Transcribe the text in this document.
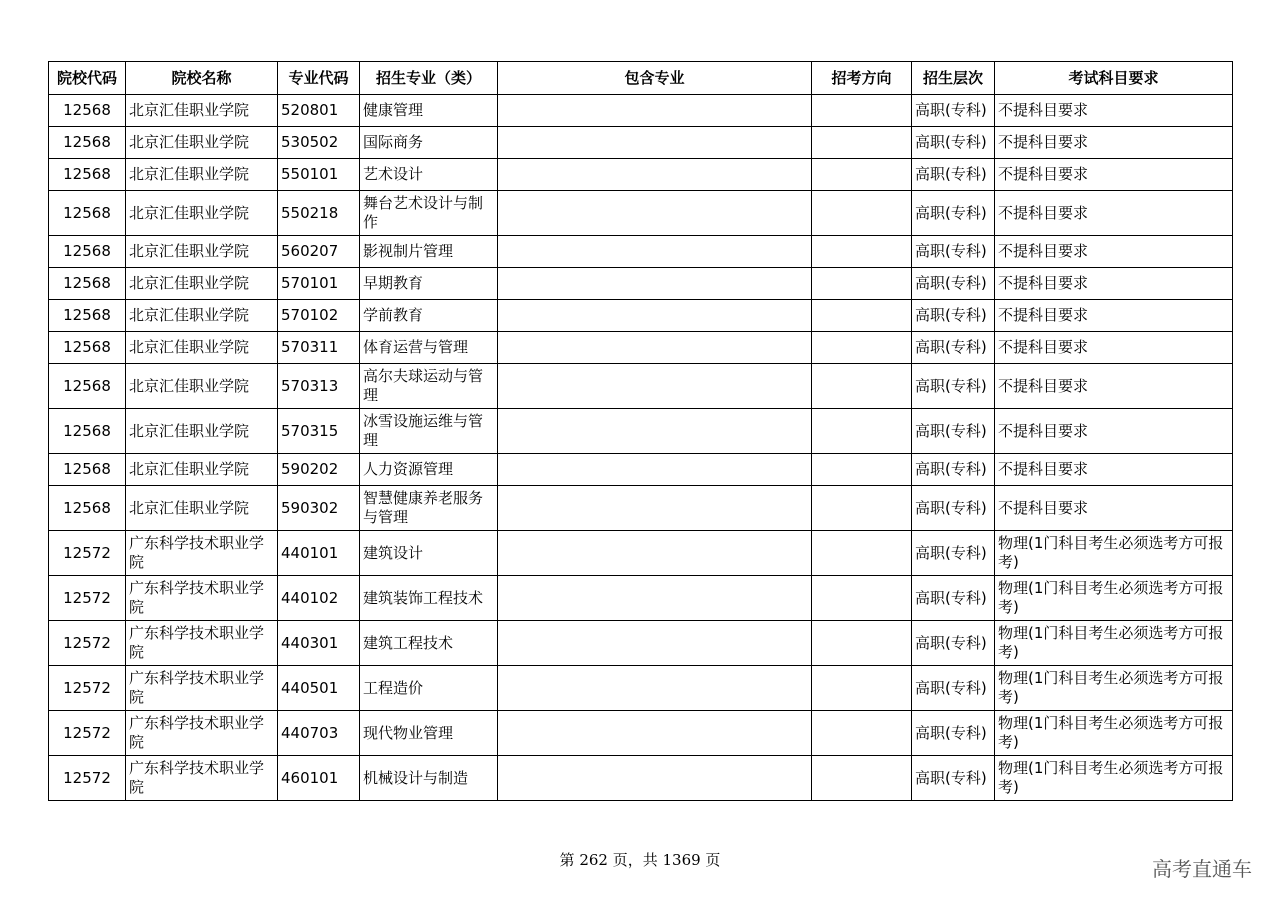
院校代码	院校名称	专业代码	招生专业（类）	包含专业	招考方向	招生层次	考试科目要求
12568	北京汇佳职业学院	520801	健康管理			高职(专科)	不提科目要求
12568	北京汇佳职业学院	530502	国际商务			高职(专科)	不提科目要求
12568	北京汇佳职业学院	550101	艺术设计			高职(专科)	不提科目要求
12568	北京汇佳职业学院	550218	舞台艺术设计与制作			高职(专科)	不提科目要求
12568	北京汇佳职业学院	560207	影视制片管理			高职(专科)	不提科目要求
12568	北京汇佳职业学院	570101	早期教育			高职(专科)	不提科目要求
12568	北京汇佳职业学院	570102	学前教育			高职(专科)	不提科目要求
12568	北京汇佳职业学院	570311	体育运营与管理			高职(专科)	不提科目要求
12568	北京汇佳职业学院	570313	高尔夫球运动与管理			高职(专科)	不提科目要求
12568	北京汇佳职业学院	570315	冰雪设施运维与管理			高职(专科)	不提科目要求
12568	北京汇佳职业学院	590202	人力资源管理			高职(专科)	不提科目要求
12568	北京汇佳职业学院	590302	智慧健康养老服务与管理			高职(专科)	不提科目要求
12572	广东科学技术职业学院	440101	建筑设计			高职(专科)	物理(1门科目考生必须选考方可报考)
12572	广东科学技术职业学院	440102	建筑装饰工程技术			高职(专科)	物理(1门科目考生必须选考方可报考)
12572	广东科学技术职业学院	440301	建筑工程技术			高职(专科)	物理(1门科目考生必须选考方可报考)
12572	广东科学技术职业学院	440501	工程造价			高职(专科)	物理(1门科目考生必须选考方可报考)
12572	广东科学技术职业学院	440703	现代物业管理			高职(专科)	物理(1门科目考生必须选考方可报考)
12572	广东科学技术职业学院	460101	机械设计与制造			高职(专科)	物理(1门科目考生必须选考方可报考)
第 262 页，共 1369 页	高考直通车
